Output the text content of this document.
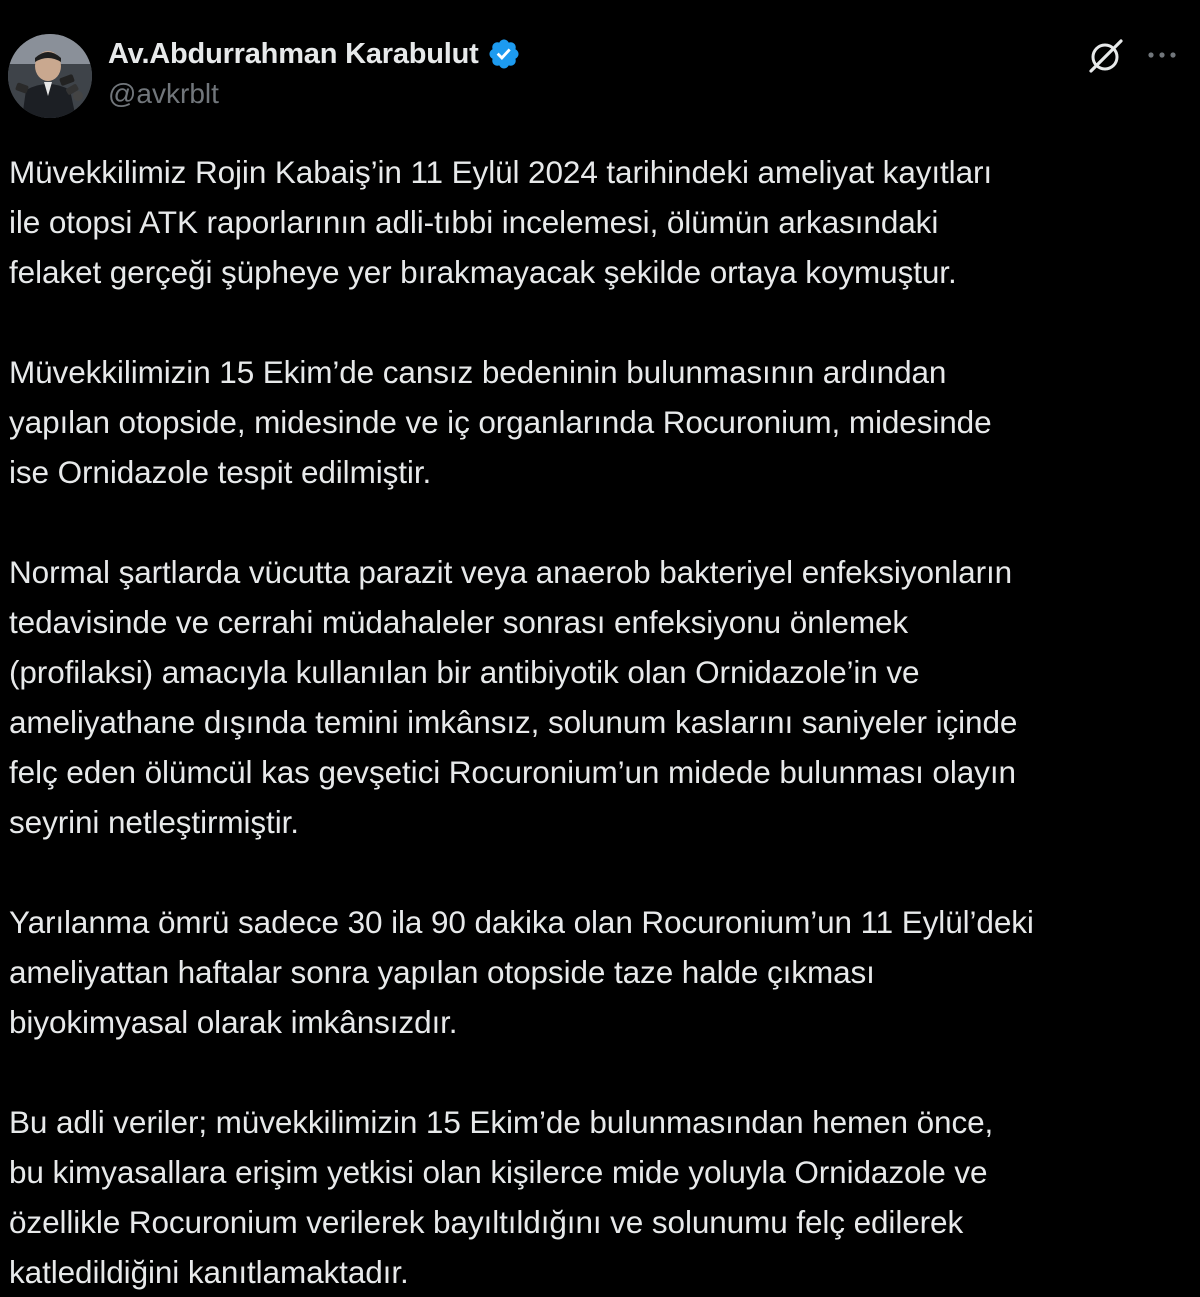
Av.Abdurrahman Karabulut
@avkrblt

Müvekkilimiz Rojin Kabaiş’in 11 Eylül 2024 tarihindeki ameliyat kayıtları
ile otopsi ATK raporlarının adli-tıbbi incelemesi, ölümün arkasındaki
felaket gerçeği şüpheye yer bırakmayacak şekilde ortaya koymuştur.

Müvekkilimizin 15 Ekim’de cansız bedeninin bulunmasının ardından
yapılan otopside, midesinde ve iç organlarında Rocuronium, midesinde
ise Ornidazole tespit edilmiştir.

Normal şartlarda vücutta parazit veya anaerob bakteriyel enfeksiyonların
tedavisinde ve cerrahi müdahaleler sonrası enfeksiyonu önlemek
(profilaksi) amacıyla kullanılan bir antibiyotik olan Ornidazole’in ve
ameliyathane dışında temini imkânsız, solunum kaslarını saniyeler içinde
felç eden ölümcül kas gevşetici Rocuronium’un midede bulunması olayın
seyrini netleştirmiştir.

Yarılanma ömrü sadece 30 ila 90 dakika olan Rocuronium’un 11 Eylül’deki
ameliyattan haftalar sonra yapılan otopside taze halde çıkması
biyokimyasal olarak imkânsızdır.

Bu adli veriler; müvekkilimizin 15 Ekim’de bulunmasından hemen önce,
bu kimyasallara erişim yetkisi olan kişilerce mide yoluyla Ornidazole ve
özellikle Rocuronium verilerek bayıltıldığını ve solunumu felç edilerek
katledildiğini kanıtlamaktadır.
